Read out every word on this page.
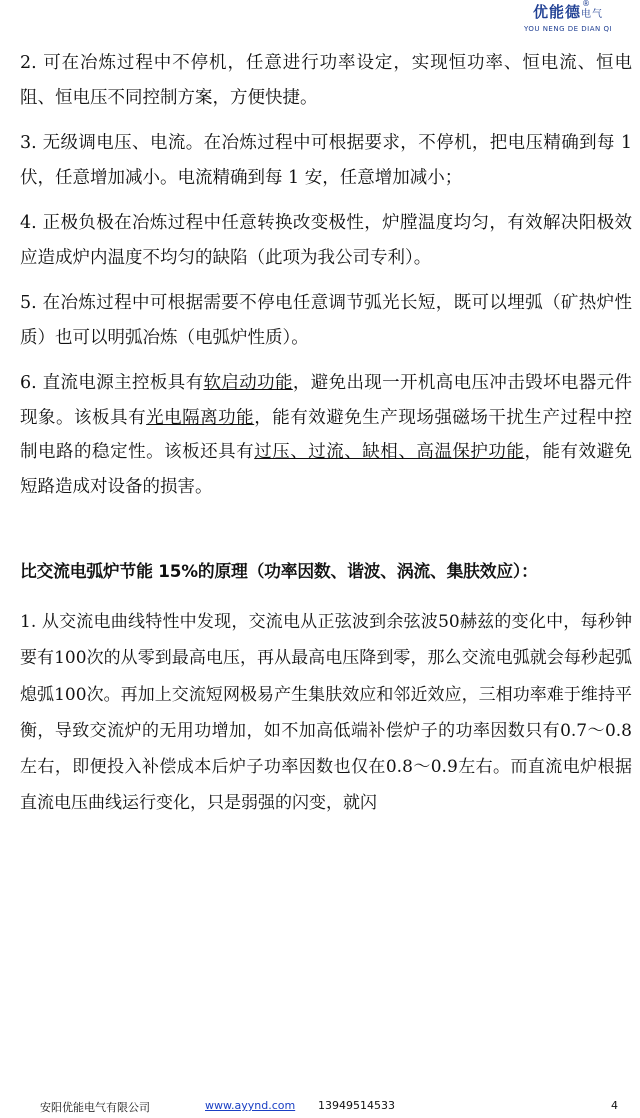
®
优能德电气
YOU NENG DE DIAN QI

2. 可在冶炼过程中不停机，任意进行功率设定，实现恒功率、恒电流、恒电阻、恒电压不同控制方案，方便快捷。

3. 无级调电压、电流。在冶炼过程中可根据要求，不停机，把电压精确到每 1 伏，任意增加减小。电流精确到每 1 安，任意增加减小；

4. 正极负极在冶炼过程中任意转换改变极性，炉膛温度均匀，有效解决阳极效应造成炉内温度不均匀的缺陷（此项为我公司专利）。

5. 在冶炼过程中可根据需要不停电任意调节弧光长短，既可以埋弧（矿热炉性质）也可以明弧冶炼（电弧炉性质）。

6. 直流电源主控板具有软启动功能，避免出现一开机高电压冲击毁坏电器元件现象。该板具有光电隔离功能，能有效避免生产现场强磁场干扰生产过程中控制电路的稳定性。该板还具有过压、过流、缺相、高温保护功能，能有效避免短路造成对设备的损害。

比交流电弧炉节能 15%的原理（功率因数、谐波、涡流、集肤效应）：

1. 从交流电曲线特性中发现，交流电从正弦波到余弦波50赫兹的变化中，每秒钟要有100次的从零到最高电压，再从最高电压降到零，那么交流电弧就会每秒起弧熄弧100次。再加上交流短网极易产生集肤效应和邻近效应，三相功率难于维持平衡，导致交流炉的无用功增加，如不加高低端补偿炉子的功率因数只有0.7～0.8左右，即便投入补偿成本后炉子功率因数也仅在0.8～0.9左右。而直流电炉根据直流电压曲线运行变化，只是弱强的闪变，就闪

安阳优能电气有限公司	www.ayynd.com 13949514533	4
